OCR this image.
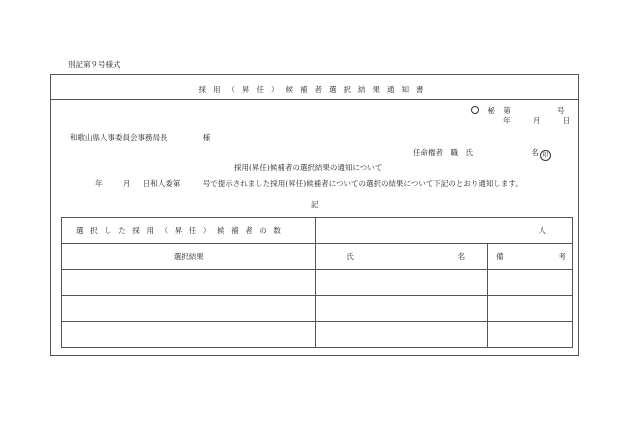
別記第９号様式
採用（昇任）候補者選択結果通知書
秘 第	号
年	月	日
和歌山県人事委員会事務局長	様
任命権者　職　氏	名 印
採用(昇任)候補者の選択結果の通知について
年	月 日和人委第　　　号で提示されました採用(昇任)候補者についての選択の結果について下記のとおり通知します。
記
選択した採用（昇任）候補者の数	人	
選択結果	氏 名	備 考
